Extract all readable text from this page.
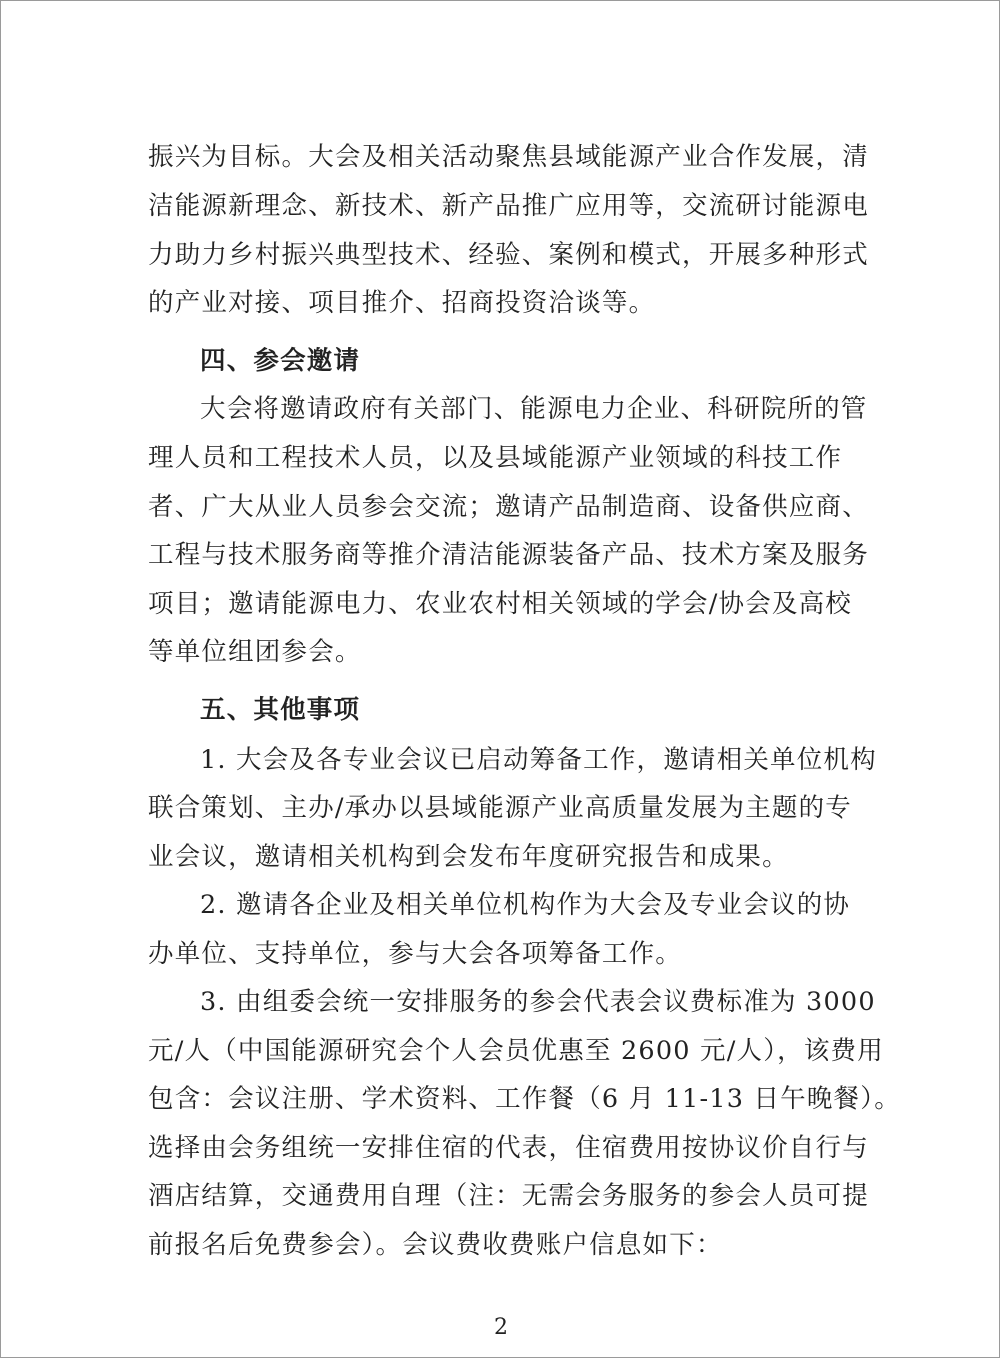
振兴为目标。大会及相关活动聚焦县域能源产业合作发展，清
洁能源新理念、新技术、新产品推广应用等，交流研讨能源电
力助力乡村振兴典型技术、经验、案例和模式，开展多种形式
的产业对接、项目推介、招商投资洽谈等。
四、参会邀请
大会将邀请政府有关部门、能源电力企业、科研院所的管
理人员和工程技术人员，以及县域能源产业领域的科技工作
者、广大从业人员参会交流；邀请产品制造商、设备供应商、
工程与技术服务商等推介清洁能源装备产品、技术方案及服务
项目；邀请能源电力、农业农村相关领域的学会/协会及高校
等单位组团参会。
五、其他事项
1. 大会及各专业会议已启动筹备工作，邀请相关单位机构
联合策划、主办/承办以县域能源产业高质量发展为主题的专
业会议，邀请相关机构到会发布年度研究报告和成果。
2. 邀请各企业及相关单位机构作为大会及专业会议的协
办单位、支持单位，参与大会各项筹备工作。
3. 由组委会统一安排服务的参会代表会议费标准为 3000
元/人（中国能源研究会个人会员优惠至 2600 元/人），该费用
包含：会议注册、学术资料、工作餐（6 月 11-13 日午晚餐）。
选择由会务组统一安排住宿的代表，住宿费用按协议价自行与
酒店结算，交通费用自理（注：无需会务服务的参会人员可提
前报名后免费参会）。会议费收费账户信息如下：
2
